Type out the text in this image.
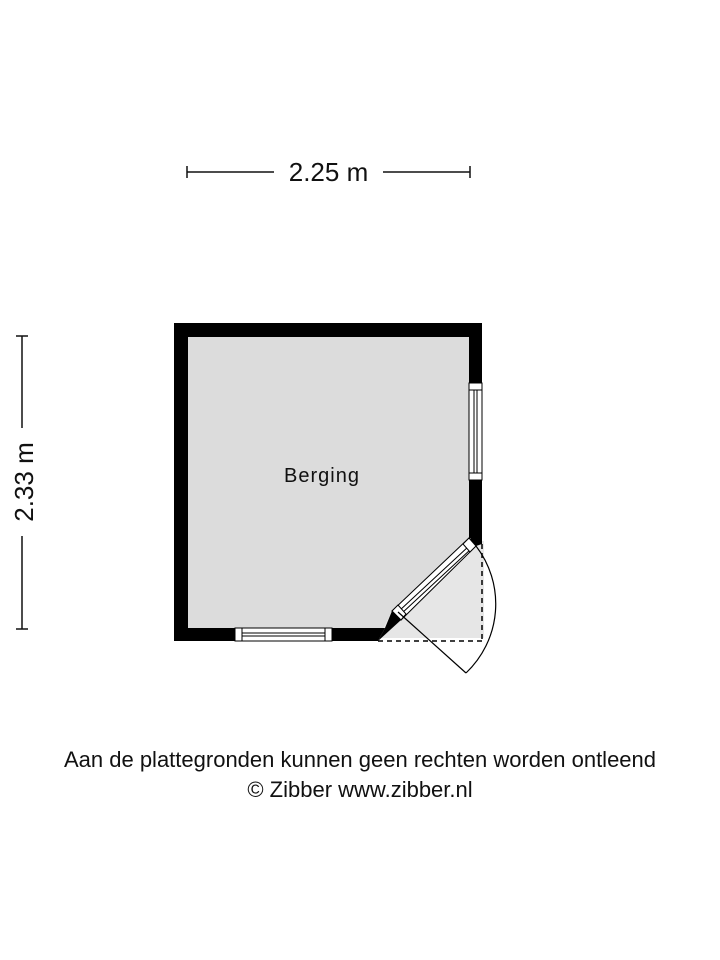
2.25 m
2.33 m	Berging
Aan de plattegronden kunnen geen rechten worden ontleend
© Zibber www.zibber.nl
